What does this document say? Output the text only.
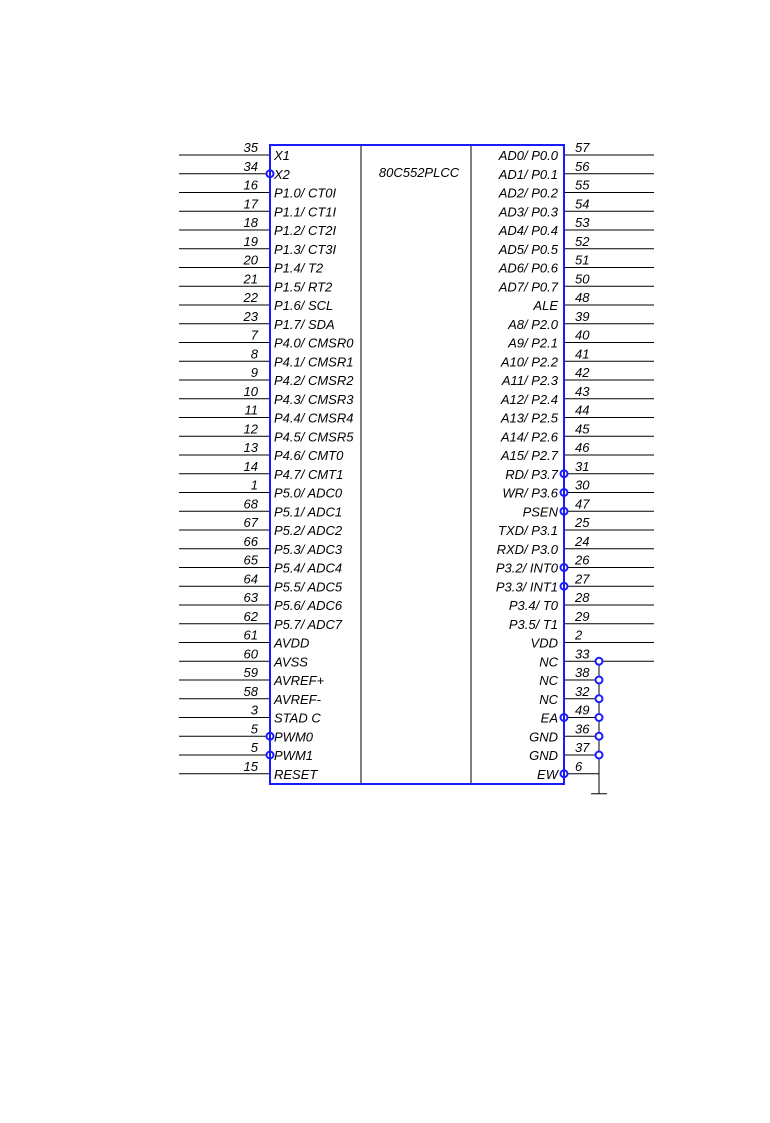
80C552PLCC
35
X1
34
X2
16
P1.0/ CT0I
17
P1.1/ CT1I
18
P1.2/ CT2I
19
P1.3/ CT3I
20
P1.4/ T2
21
P1.5/ RT2
22
P1.6/ SCL
23
P1.7/ SDA
7
P4.0/ CMSR0
8
P4.1/ CMSR1
9
P4.2/ CMSR2
10
P4.3/ CMSR3
11
P4.4/ CMSR4
12
P4.5/ CMSR5
13
P4.6/ CMT0
14
P4.7/ CMT1
1
P5.0/ ADC0
68
P5.1/ ADC1
67
P5.2/ ADC2
66
P5.3/ ADC3
65
P5.4/ ADC4
64
P5.5/ ADC5
63
P5.6/ ADC6
62
P5.7/ ADC7
61
AVDD
60
AVSS
59
AVREF+
58
AVREF-
3
STAD C
5
PWM0
5
PWM1
15
RESET
57
AD0/ P0.0
56
AD1/ P0.1
55
AD2/ P0.2
54
AD3/ P0.3
53
AD4/ P0.4
52
AD5/ P0.5
51
AD6/ P0.6
50
AD7/ P0.7
48
ALE
39
A8/ P2.0
40
A9/ P2.1
41
A10/ P2.2
42
A11/ P2.3
43
A12/ P2.4
44
A13/ P2.5
45
A14/ P2.6
46
A15/ P2.7
31
RD/ P3.7
30
WR/ P3.6
47
PSEN
25
TXD/ P3.1
24
RXD/ P3.0
26
P3.2/ INT0
27
P3.3/ INT1
28
P3.4/ T0
29
P3.5/ T1
2
VDD
33
NC
38
NC
32
NC
49
EA
36
GND
37
GND
6
EW
